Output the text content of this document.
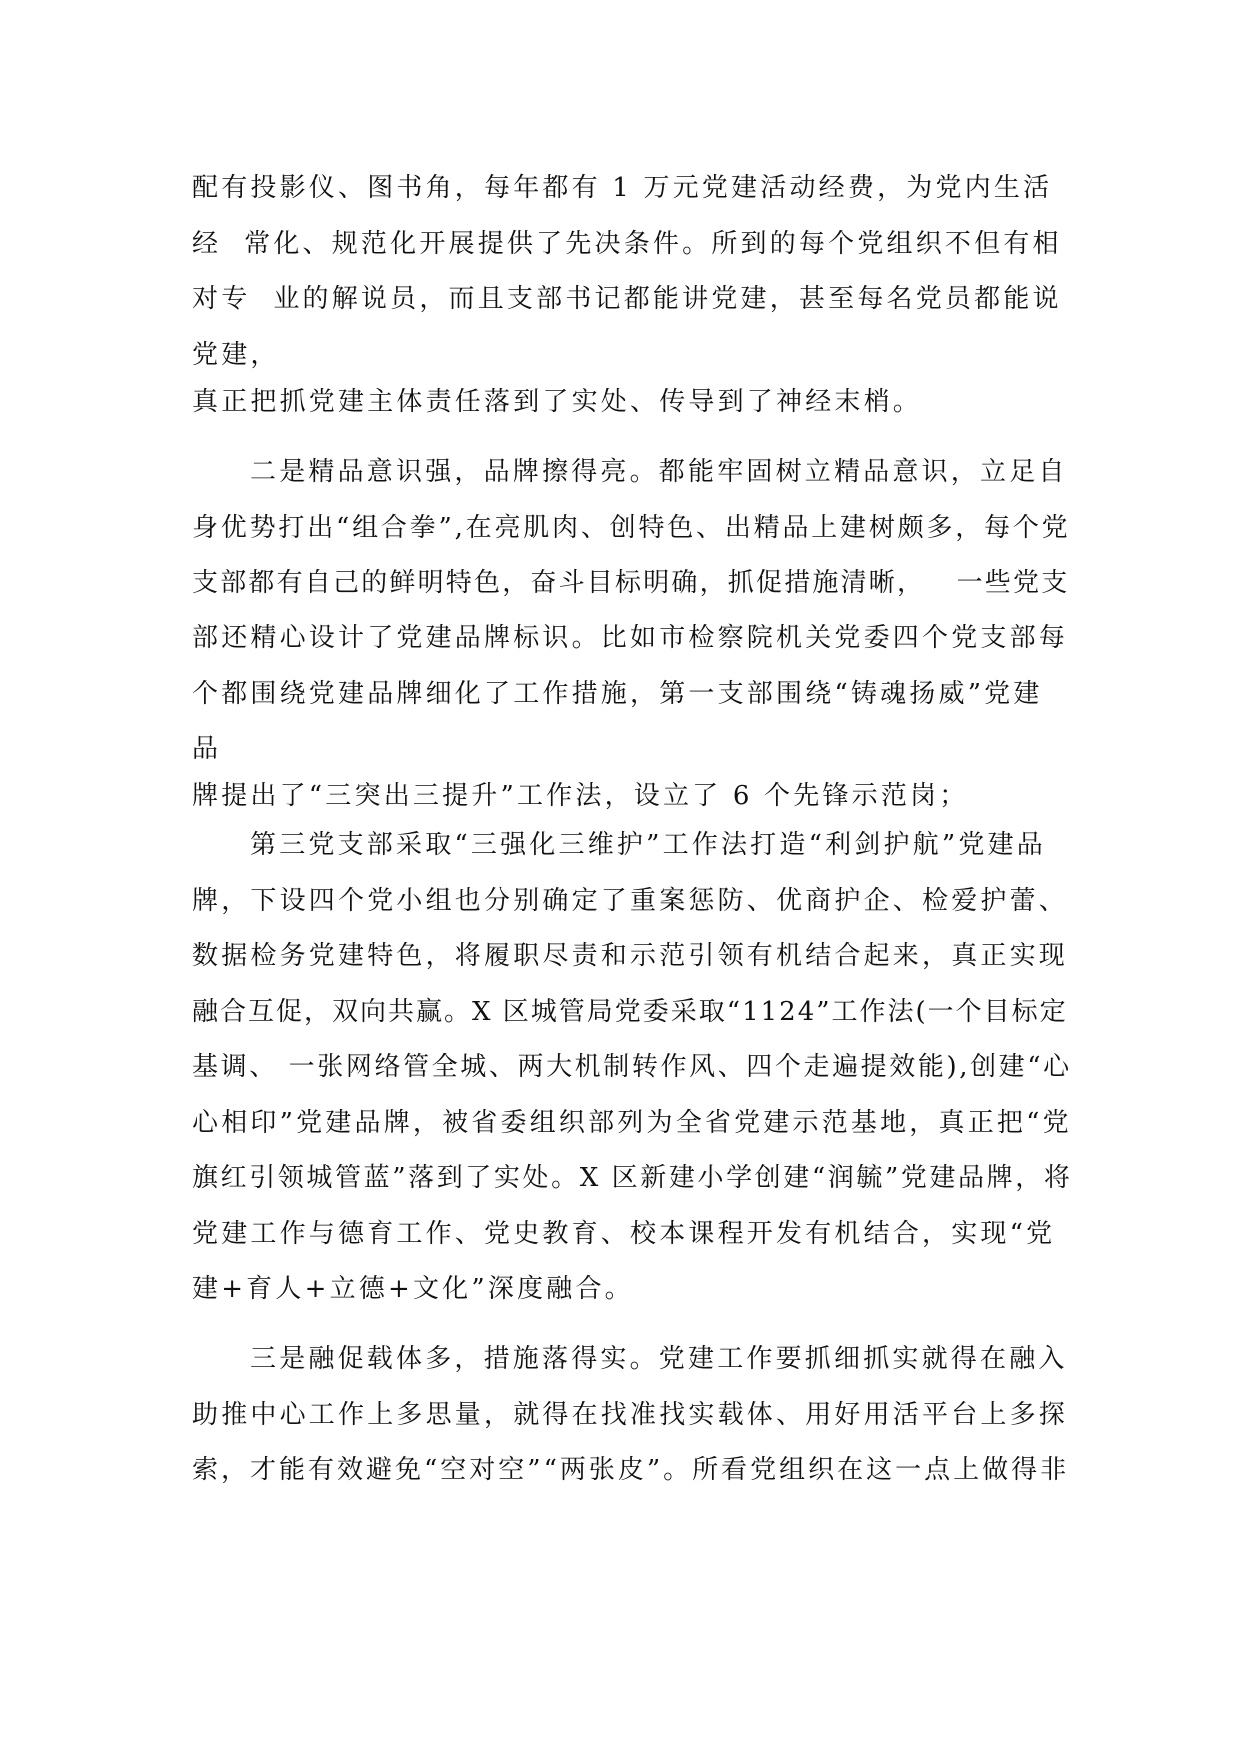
配有投影仪、图书角，每年都有 1 万元党建活动经费，为党内生活
经  常化、规范化开展提供了先决条件。所到的每个党组织不但有相
对专  业的解说员，而且支部书记都能讲党建，甚至每名党员都能说
党建，
真正把抓党建主体责任落到了实处、传导到了神经末梢。
二是精品意识强，品牌擦得亮。都能牢固树立精品意识，立足自
身优势打出“组合拳”,在亮肌肉、创特色、出精品上建树颇多，每个党
支部都有自己的鲜明特色，奋斗目标明确，抓促措施清晰，   一些党支
部还精心设计了党建品牌标识。比如市检察院机关党委四个党支部每
个都围绕党建品牌细化了工作措施，第一支部围绕“铸魂扬威”党建
品
牌提出了“三突出三提升”工作法，设立了 6 个先锋示范岗；
第三党支部采取“三强化三维护”工作法打造“利剑护航”党建品
牌，下设四个党小组也分别确定了重案惩防、优商护企、检爱护蕾、
数据检务党建特色，将履职尽责和示范引领有机结合起来，真正实现
融合互促，双向共赢。X 区城管局党委采取“1124”工作法(一个目标定
基调、 一张网络管全城、两大机制转作风、四个走遍提效能),创建“心
心相印”党建品牌，被省委组织部列为全省党建示范基地，真正把“党
旗红引领城管蓝”落到了实处。X 区新建小学创建“润毓”党建品牌，将
党建工作与德育工作、党史教育、校本课程开发有机结合，实现“党
建+育人+立德+文化”深度融合。
三是融促载体多，措施落得实。党建工作要抓细抓实就得在融入
助推中心工作上多思量，就得在找准找实载体、用好用活平台上多探
索，才能有效避免“空对空”“两张皮”。所看党组织在这一点上做得非
